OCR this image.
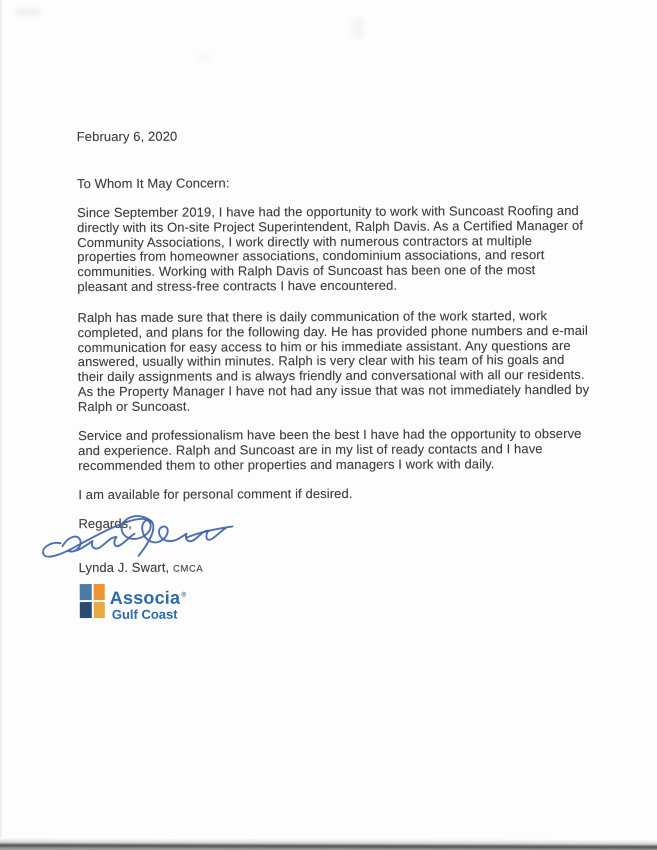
February 6, 2020
To Whom It May Concern:
Since September 2019, I have had the opportunity to work with Suncoast Roofing and
directly with its On-site Project Superintendent, Ralph Davis. As a Certified Manager of
Community Associations, I work directly with numerous contractors at multiple
properties from homeowner associations, condominium associations, and resort
communities. Working with Ralph Davis of Suncoast has been one of the most
pleasant and stress-free contracts I have encountered.
Ralph has made sure that there is daily communication of the work started, work
completed, and plans for the following day. He has provided phone numbers and e-mail
communication for easy access to him or his immediate assistant. Any questions are
answered, usually within minutes. Ralph is very clear with his team of his goals and
their daily assignments and is always friendly and conversational with all our residents.
As the Property Manager I have not had any issue that was not immediately handled by
Ralph or Suncoast.
Service and professionalism have been the best I have had the opportunity to observe
and experience. Ralph and Suncoast are in my list of ready contacts and I have
recommended them to other properties and managers I work with daily.
I am available for personal comment if desired.
Regards,
Lynda J. Swart, CMCA
Associa®
Gulf Coast
